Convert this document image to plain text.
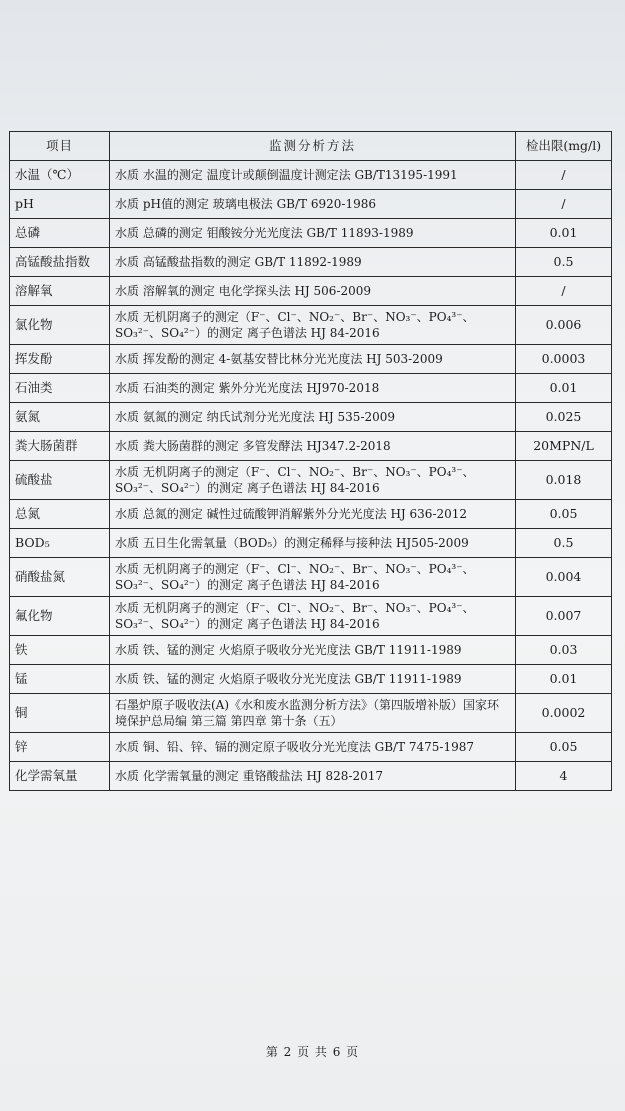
项目	监测分析方法	检出限(mg/l)
水温（℃）	水质 水温的测定 温度计或颠倒温度计测定法 GB/T13195-1991	/
pH	水质 pH值的测定 玻璃电极法 GB/T 6920-1986	/
总磷	水质 总磷的测定 钼酸铵分光光度法 GB/T 11893-1989	0.01
高锰酸盐指数	水质 高锰酸盐指数的测定 GB/T 11892-1989	0.5
溶解氧	水质 溶解氧的测定 电化学探头法 HJ 506-2009	/
氯化物	水质 无机阴离子的测定（F⁻、Cl⁻、NO₂⁻、Br⁻、NO₃⁻、PO₄³⁻、SO₃²⁻、SO₄²⁻）的测定 离子色谱法 HJ 84-2016	0.006
挥发酚	水质 挥发酚的测定 4-氨基安替比林分光光度法 HJ 503-2009	0.0003
石油类	水质 石油类的测定 紫外分光光度法 HJ970-2018	0.01
氨氮	水质 氨氮的测定 纳氏试剂分光光度法 HJ 535-2009	0.025
粪大肠菌群	水质 粪大肠菌群的测定 多管发酵法 HJ347.2-2018	20MPN/L
硫酸盐	水质 无机阴离子的测定（F⁻、Cl⁻、NO₂⁻、Br⁻、NO₃⁻、PO₄³⁻、SO₃²⁻、SO₄²⁻）的测定 离子色谱法 HJ 84-2016	0.018
总氮	水质 总氮的测定 碱性过硫酸钾消解紫外分光光度法 HJ 636-2012	0.05
BOD₅	水质 五日生化需氧量（BOD₅）的测定稀释与接种法 HJ505-2009	0.5
硝酸盐氮	水质 无机阴离子的测定（F⁻、Cl⁻、NO₂⁻、Br⁻、NO₃⁻、PO₄³⁻、SO₃²⁻、SO₄²⁻）的测定 离子色谱法 HJ 84-2016	0.004
氟化物	水质 无机阴离子的测定（F⁻、Cl⁻、NO₂⁻、Br⁻、NO₃⁻、PO₄³⁻、SO₃²⁻、SO₄²⁻）的测定 离子色谱法 HJ 84-2016	0.007
铁	水质 铁、锰的测定 火焰原子吸收分光光度法 GB/T 11911-1989	0.03
锰	水质 铁、锰的测定 火焰原子吸收分光光度法 GB/T 11911-1989	0.01
铜	石墨炉原子吸收法(A)《水和废水监测分析方法》（第四版增补版）国家环境保护总局编 第三篇 第四章 第十条（五）	0.0002
锌	水质 铜、铅、锌、镉的测定原子吸收分光光度法 GB/T 7475-1987	0.05
化学需氧量	水质 化学需氧量的测定 重铬酸盐法 HJ 828-2017	4
第 2 页 共 6 页
